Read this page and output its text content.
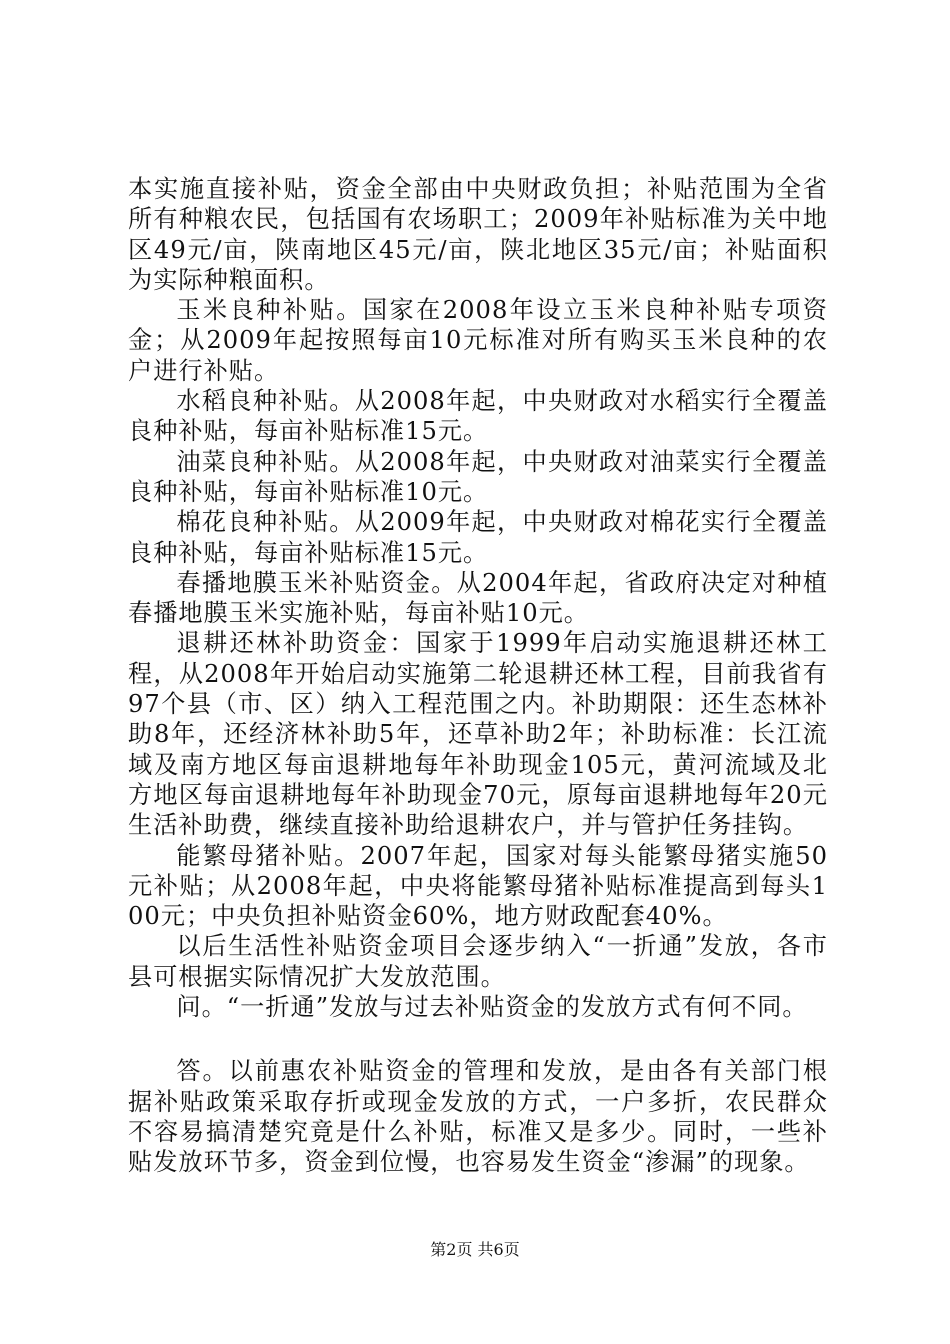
本实施直接补贴，资金全部由中央财政负担；补贴范围为全省所有种粮农民，包括国有农场职工；2009年补贴标准为关中地区49元/亩，陕南地区45元/亩，陕北地区35元/亩；补贴面积为实际种粮面积。

玉米良种补贴。国家在2008年设立玉米良种补贴专项资金；从2009年起按照每亩10元标准对所有购买玉米良种的农户进行补贴。

水稻良种补贴。从2008年起，中央财政对水稻实行全覆盖良种补贴，每亩补贴标准15元。

油菜良种补贴。从2008年起，中央财政对油菜实行全覆盖良种补贴，每亩补贴标准10元。

棉花良种补贴。从2009年起，中央财政对棉花实行全覆盖良种补贴，每亩补贴标准15元。

春播地膜玉米补贴资金。从2004年起，省政府决定对种植春播地膜玉米实施补贴，每亩补贴10元。

退耕还林补助资金：国家于1999年启动实施退耕还林工程，从2008年开始启动实施第二轮退耕还林工程，目前我省有97个县（市、区）纳入工程范围之内。补助期限：还生态林补助8年，还经济林补助5年，还草补助2年；补助标准：长江流域及南方地区每亩退耕地每年补助现金105元，黄河流域及北方地区每亩退耕地每年补助现金70元，原每亩退耕地每年20元生活补助费，继续直接补助给退耕农户，并与管护任务挂钩。

能繁母猪补贴。2007年起，国家对每头能繁母猪实施50元补贴；从2008年起，中央将能繁母猪补贴标准提高到每头100元；中央负担补贴资金60%，地方财政配套40%。

以后生活性补贴资金项目会逐步纳入“一折通”发放，各市县可根据实际情况扩大发放范围。

问。“一折通”发放与过去补贴资金的发放方式有何不同。

答。以前惠农补贴资金的管理和发放，是由各有关部门根据补贴政策采取存折或现金发放的方式，一户多折，农民群众不容易搞清楚究竟是什么补贴，标准又是多少。同时，一些补贴发放环节多，资金到位慢，也容易发生资金“渗漏”的现象。

第2页 共6页
